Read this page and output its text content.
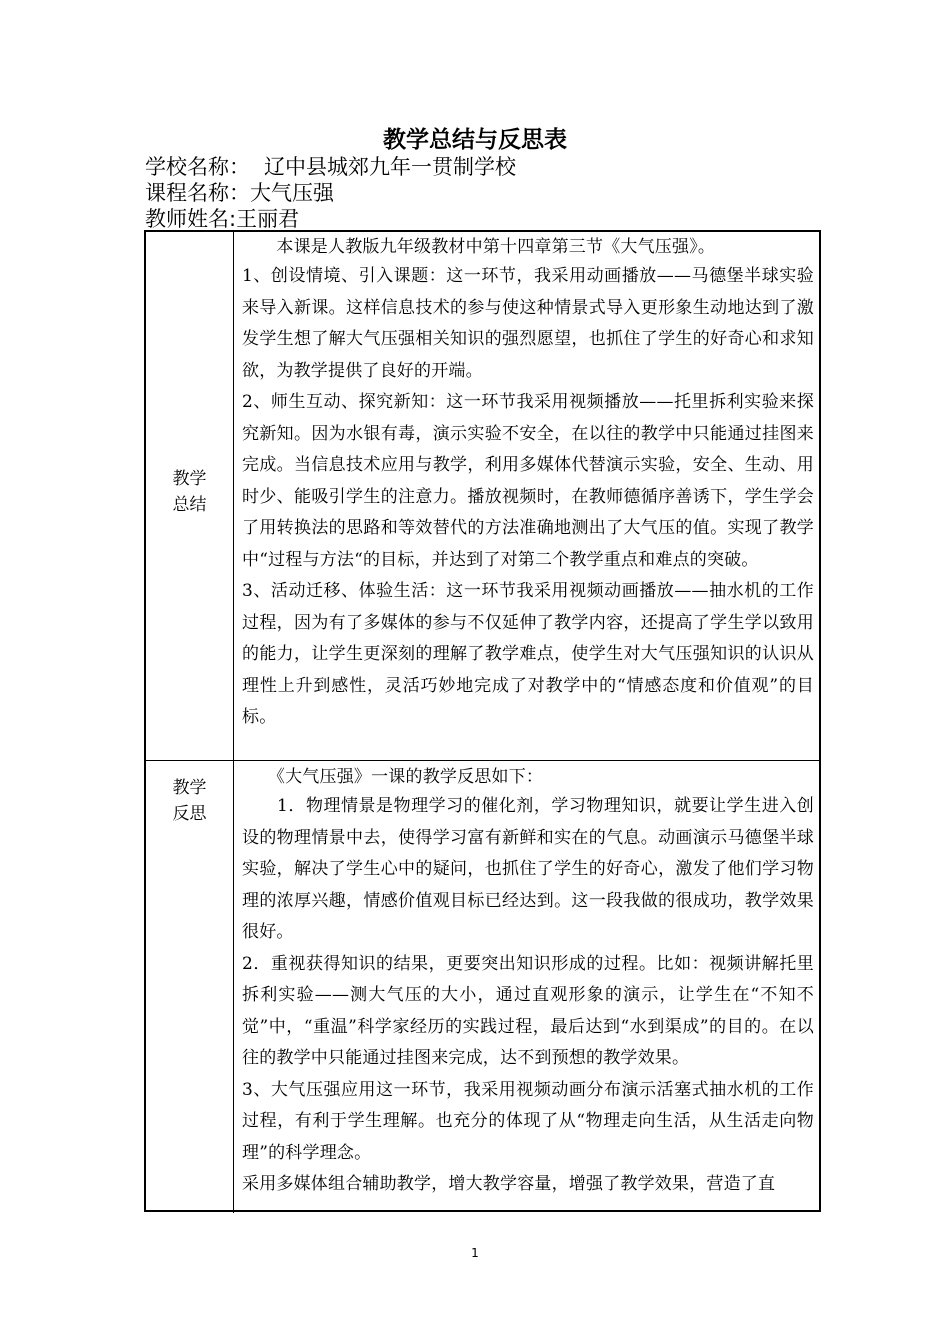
教学总结与反思表
学校名称： 辽中县城郊九年一贯制学校
课程名称：大气压强
教师姓名:王丽君
教学
总结

　　本课是人教版九年级教材中第十四章第三节《大气压强》。

1、创设情境、引入课题：这一环节，我采用动画播放——马德堡半球实验来导入新课。这样信息技术的参与使这种情景式导入更形象生动地达到了激发学生想了解大气压强相关知识的强烈愿望，也抓住了学生的好奇心和求知欲，为教学提供了良好的开端。

2、师生互动、探究新知：这一环节我采用视频播放——托里拆利实验来探究新知。因为水银有毒，演示实验不安全，在以往的教学中只能通过挂图来完成。当信息技术应用与教学，利用多媒体代替演示实验，安全、生动、用时少、能吸引学生的注意力。播放视频时，在教师德循序善诱下，学生学会了用转换法的思路和等效替代的方法准确地测出了大气压的值。实现了教学中“过程与方法“的目标，并达到了对第二个教学重点和难点的突破。

3、活动迁移、体验生活：这一环节我采用视频动画播放——抽水机的工作过程，因为有了多媒体的参与不仅延伸了教学内容，还提高了学生学以致用的能力，让学生更深刻的理解了教学难点，使学生对大气压强知识的认识从理性上升到感性，灵活巧妙地完成了对教学中的“情感态度和价值观”的目标。

教学
反思

　　《大气压强》一课的教学反思如下：

　　1．物理情景是物理学习的催化剂，学习物理知识，就要让学生进入创设的物理情景中去，使得学习富有新鲜和实在的气息。动画演示马德堡半球实验，解决了学生心中的疑问，也抓住了学生的好奇心，激发了他们学习物理的浓厚兴趣，情感价值观目标已经达到。这一段我做的很成功，教学效果很好。

2．重视获得知识的结果，更要突出知识形成的过程。比如：视频讲解托里拆利实验——测大气压的大小，通过直观形象的演示，让学生在“不知不觉”中，“重温”科学家经历的实践过程，最后达到“水到渠成”的目的。在以往的教学中只能通过挂图来完成，达不到预想的教学效果。

3、大气压强应用这一环节，我采用视频动画分布演示活塞式抽水机的工作过程，有利于学生理解。也充分的体现了从“物理走向生活，从生活走向物理”的科学理念。

采用多媒体组合辅助教学，增大教学容量，增强了教学效果，营造了直

1
